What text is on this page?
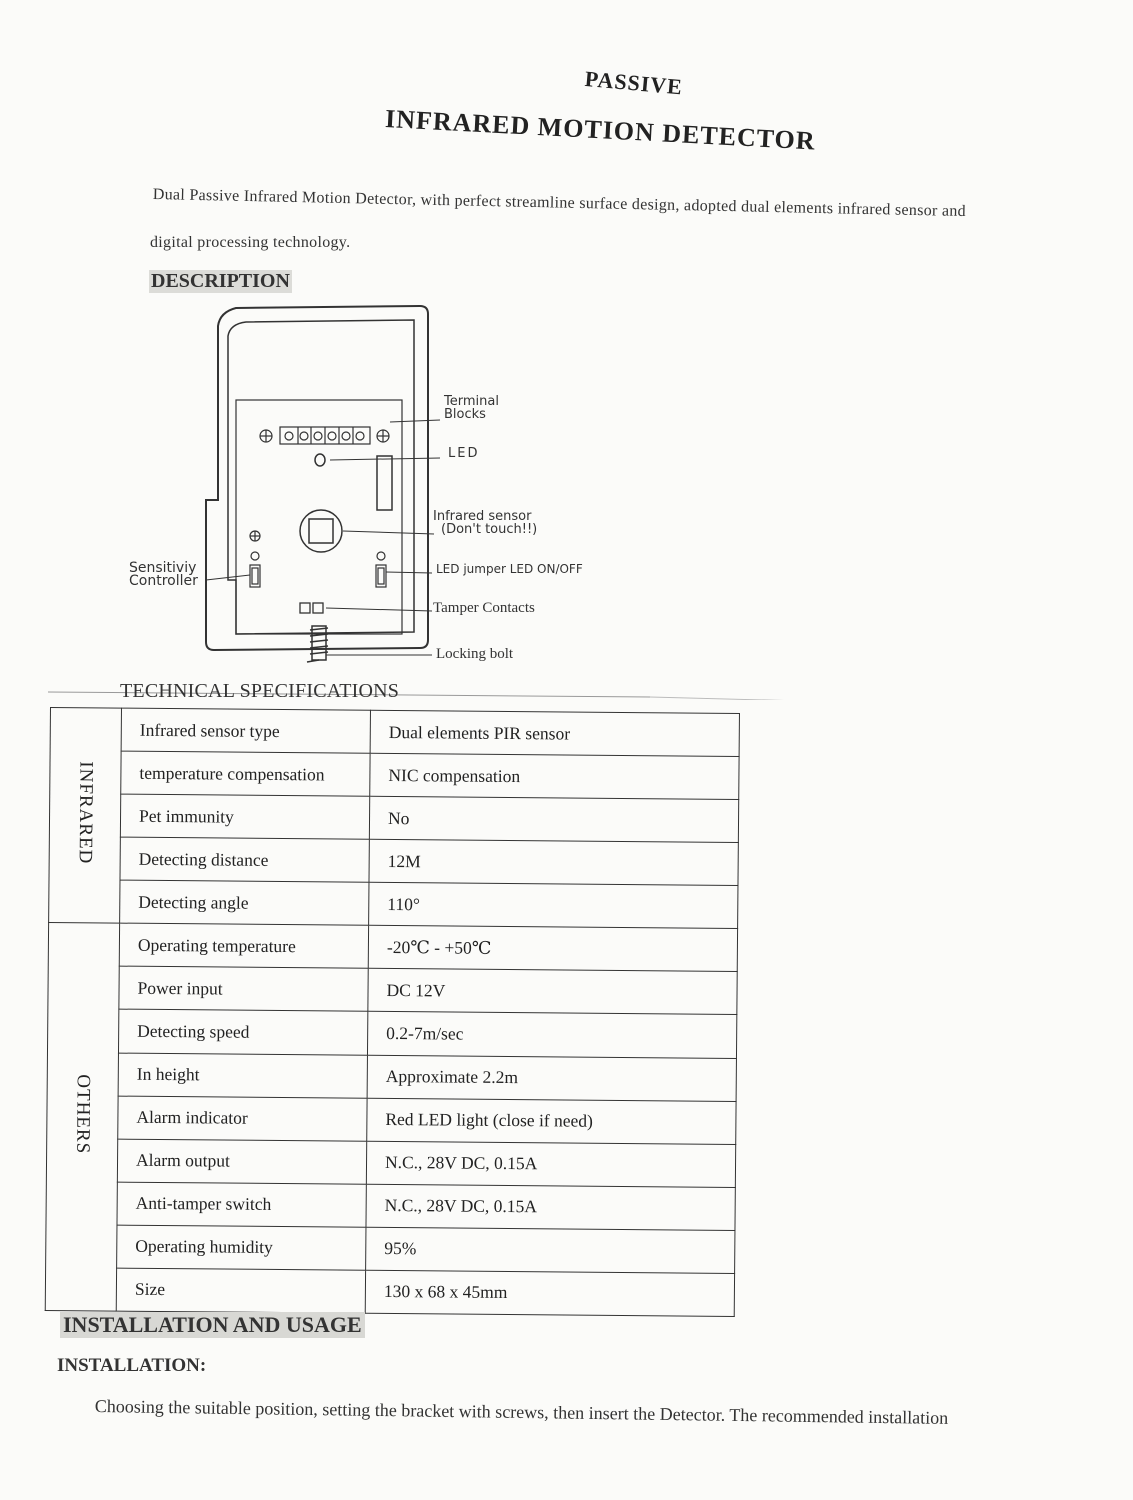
PASSIVE
INFRARED MOTION DETECTOR
Dual Passive Infrared Motion Detector, with perfect streamline surface design, adopted dual elements infrared sensor and
digital processing technology.
DESCRIPTION
Terminal
Blocks
LED
Infrared sensor
(Don't touch!!)
LED jumper LED ON/OFF
Tamper Contacts
Locking bolt
Sensitiviy
Controller
TECHNICAL SPECIFICATIONS
INFRARED	Infrared sensor type	Dual elements PIR sensor
	temperature compensation	NIC compensation
	Pet immunity	No
	Detecting distance	12M
	Detecting angle	110°
OTHERS	Operating temperature	-20℃ - +50℃
	Power input	DC 12V
	Detecting speed	0.2-7m/sec
	In height	Approximate 2.2m
	Alarm indicator	Red LED light (close if need)
	Alarm output	N.C., 28V DC, 0.15A
	Anti-tamper switch	N.C., 28V DC, 0.15A
	Operating humidity	95%
	Size	130 x 68 x 45mm
INSTALLATION AND USAGE
INSTALLATION:
Choosing the suitable position, setting the bracket with screws, then insert the Detector. The recommended installation
